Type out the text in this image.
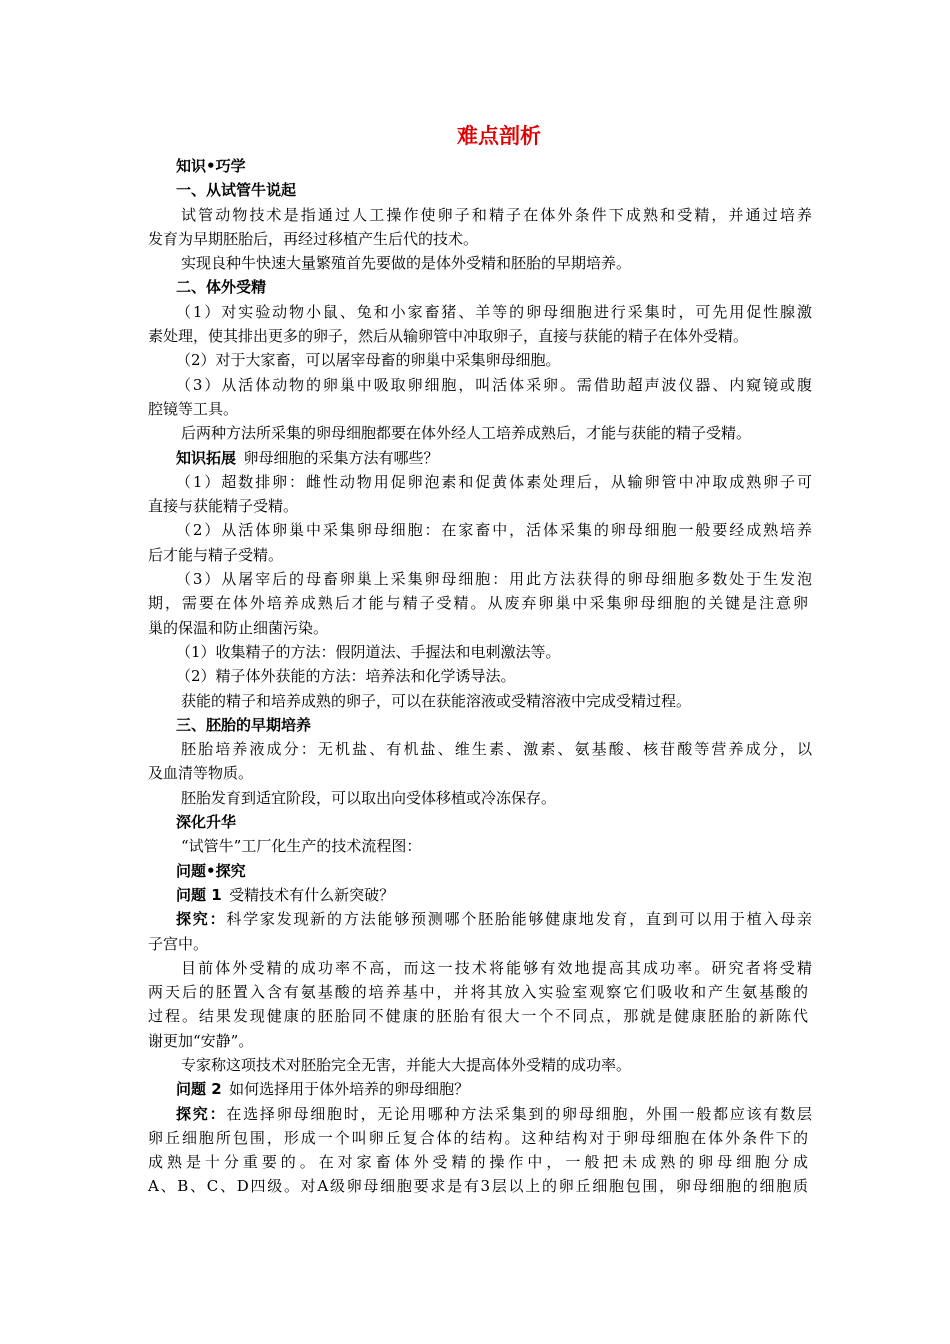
难点剖析
知识•巧学
一、从试管牛说起
试管动物技术是指通过人工操作使卵子和精子在体外条件下成熟和受精，并通过培养
发育为早期胚胎后，再经过移植产生后代的技术。
实现良种牛快速大量繁殖首先要做的是体外受精和胚胎的早期培养。
二、体外受精
（1）对实验动物小鼠、兔和小家畜猪、羊等的卵母细胞进行采集时，可先用促性腺激
素处理，使其排出更多的卵子，然后从输卵管中冲取卵子，直接与获能的精子在体外受精。
（2）对于大家畜，可以屠宰母畜的卵巢中采集卵母细胞。
（3）从活体动物的卵巢中吸取卵细胞，叫活体采卵。需借助超声波仪器、内窥镜或腹
腔镜等工具。
后两种方法所采集的卵母细胞都要在体外经人工培养成熟后，才能与获能的精子受精。
知识拓展  卵母细胞的采集方法有哪些？
（1）超数排卵：雌性动物用促卵泡素和促黄体素处理后，从输卵管中冲取成熟卵子可
直接与获能精子受精。
（2）从活体卵巢中采集卵母细胞：在家畜中，活体采集的卵母细胞一般要经成熟培养
后才能与精子受精。
（3）从屠宰后的母畜卵巢上采集卵母细胞：用此方法获得的卵母细胞多数处于生发泡
期，需要在体外培养成熟后才能与精子受精。从废弃卵巢中采集卵母细胞的关键是注意卵
巢的保温和防止细菌污染。
（1）收集精子的方法：假阴道法、手握法和电刺激法等。
（2）精子体外获能的方法：培养法和化学诱导法。
获能的精子和培养成熟的卵子，可以在获能溶液或受精溶液中完成受精过程。
三、胚胎的早期培养
胚胎培养液成分：无机盐、有机盐、维生素、激素、氨基酸、核苷酸等营养成分，以
及血清等物质。
胚胎发育到适宜阶段，可以取出向受体移植或冷冻保存。
深化升华
“试管牛”工厂化生产的技术流程图：
问题•探究
问题 1  受精技术有什么新突破？
探究：科学家发现新的方法能够预测哪个胚胎能够健康地发育，直到可以用于植入母亲
子宫中。
目前体外受精的成功率不高，而这一技术将能够有效地提高其成功率。研究者将受精
两天后的胚置入含有氨基酸的培养基中，并将其放入实验室观察它们吸收和产生氨基酸的
过程。结果发现健康的胚胎同不健康的胚胎有很大一个不同点，那就是健康胚胎的新陈代
谢更加“安静”。
专家称这项技术对胚胎完全无害，并能大大提高体外受精的成功率。
问题 2  如何选择用于体外培养的卵母细胞？
探究：在选择卵母细胞时，无论用哪种方法采集到的卵母细胞，外围一般都应该有数层
卵丘细胞所包围，形成一个叫卵丘复合体的结构。这种结构对于卵母细胞在体外条件下的
成熟是十分重要的。在对家畜体外受精的操作中，一般把未成熟的卵母细胞分成
A、B、C、D四级。对A级卵母细胞要求是有3层以上的卵丘细胞包围，卵母细胞的细胞质
